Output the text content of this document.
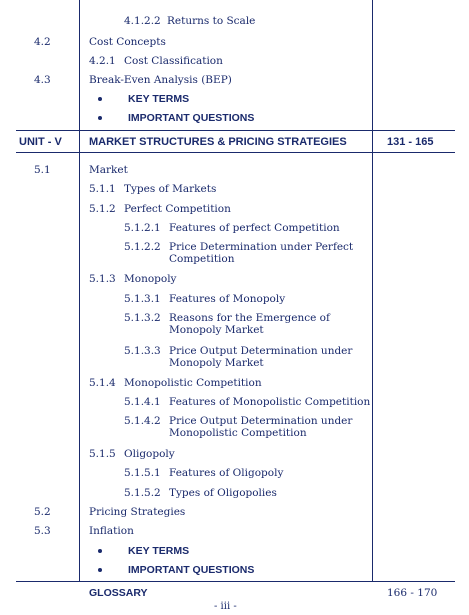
4.1.2.2 Returns to Scale
4.2	Cost Concepts
4.2.1 Cost Classification
4.3	Break-Even Analysis (BEP)
KEY TERMS
IMPORTANT QUESTIONS
UNIT - V MARKET STRUCTURES & PRICING STRATEGIES	131 - 165
5.1	Market
5.1.1 Types of Markets
5.1.2 Perfect Competition
5.1.2.1 Features of perfect Competition
5.1.2.2 Price Determination under Perfect Competition
5.1.3 Monopoly
5.1.3.1 Features of Monopoly
5.1.3.2 Reasons for the Emergence of Monopoly Market
5.1.3.3 Price Output Determination under Monopoly Market
5.1.4 Monopolistic Competition
5.1.4.1 Features of Monopolistic Competition
5.1.4.2 Price Output Determination under Monopolistic Competition
5.1.5 Oligopoly
5.1.5.1 Features of Oligopoly
5.1.5.2 Types of Oligopolies
5.2	Pricing Strategies
5.3	Inflation
KEY TERMS
IMPORTANT QUESTIONS
GLOSSARY	166 - 170
- iii -
